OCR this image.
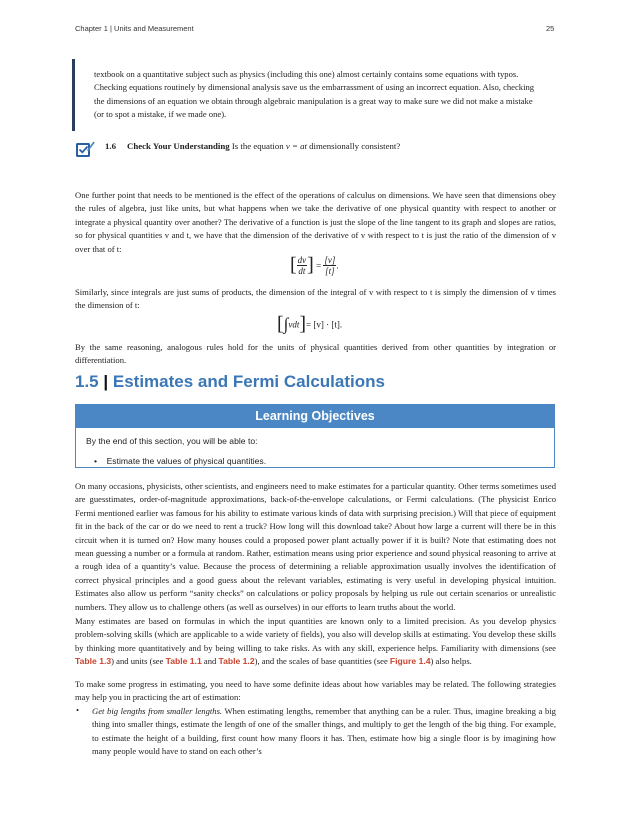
Chapter 1 | Units and Measurement	25

textbook on a quantitative subject such as physics (including this one) almost certainly contains some equations with typos. Checking equations routinely by dimensional analysis save us the embarrassment of using an incorrect equation. Also, checking the dimensions of an equation we obtain through algebraic manipulation is a great way to make sure we did not make a mistake (or to spot a mistake, if we made one).

1.6 Check Your Understanding Is the equation v = at dimensionally consistent?

One further point that needs to be mentioned is the effect of the operations of calculus on dimensions. We have seen that dimensions obey the rules of algebra, just like units, but what happens when we take the derivative of one physical quantity with respect to another or integrate a physical quantity over another? The derivative of a function is just the slope of the line tangent to its graph and slopes are ratios, so for physical quantities v and t, we have that the dimension of the derivative of v with respect to t is just the ratio of the dimension of v over that of t:

[ $\frac{dv}{dt}$ ] = $\frac{[v]}{[t]}$ .

Similarly, since integrals are just sums of products, the dimension of the integral of v with respect to t is simply the dimension of v times the dimension of t:

[∫vdt]= [v] · [t].

By the same reasoning, analogous rules hold for the units of physical quantities derived from other quantities by integration or differentiation.

1.5 | Estimates and Fermi Calculations
Learning Objectives
By the end of this section, you will be able to:
•    Estimate the values of physical quantities.

On many occasions, physicists, other scientists, and engineers need to make estimates for a particular quantity. Other terms sometimes used are guesstimates, order-of-magnitude approximations, back-of-the-envelope calculations, or Fermi calculations. (The physicist Enrico Fermi mentioned earlier was famous for his ability to estimate various kinds of data with surprising precision.) Will that piece of equipment fit in the back of the car or do we need to rent a truck? How long will this download take? About how large a current will there be in this circuit when it is turned on? How many houses could a proposed power plant actually power if it is built? Note that estimating does not mean guessing a number or a formula at random. Rather, estimation means using prior experience and sound physical reasoning to arrive at a rough idea of a quantity’s value. Because the process of determining a reliable approximation usually involves the identification of correct physical principles and a good guess about the relevant variables, estimating is very useful in developing physical intuition. Estimates also allow us perform “sanity checks” on calculations or policy proposals by helping us rule out certain scenarios or unrealistic numbers. They allow us to challenge others (as well as ourselves) in our efforts to learn truths about the world.

Many estimates are based on formulas in which the input quantities are known only to a limited precision. As you develop physics problem-solving skills (which are applicable to a wide variety of fields), you also will develop skills at estimating. You develop these skills by thinking more quantitatively and by being willing to take risks. As with any skill, experience helps. Familiarity with dimensions (see Table 1.3) and units (see Table 1.1 and Table 1.2), and the scales of base quantities (see Figure 1.4) also helps.

To make some progress in estimating, you need to have some definite ideas about how variables may be related. The following strategies may help you in practicing the art of estimation:

• Get big lengths from smaller lengths. When estimating lengths, remember that anything can be a ruler. Thus, imagine breaking a big thing into smaller things, estimate the length of one of the smaller things, and multiply to get the length of the big thing. For example, to estimate the height of a building, first count how many floors it has. Then, estimate how big a single floor is by imagining how many people would have to stand on each other’s
